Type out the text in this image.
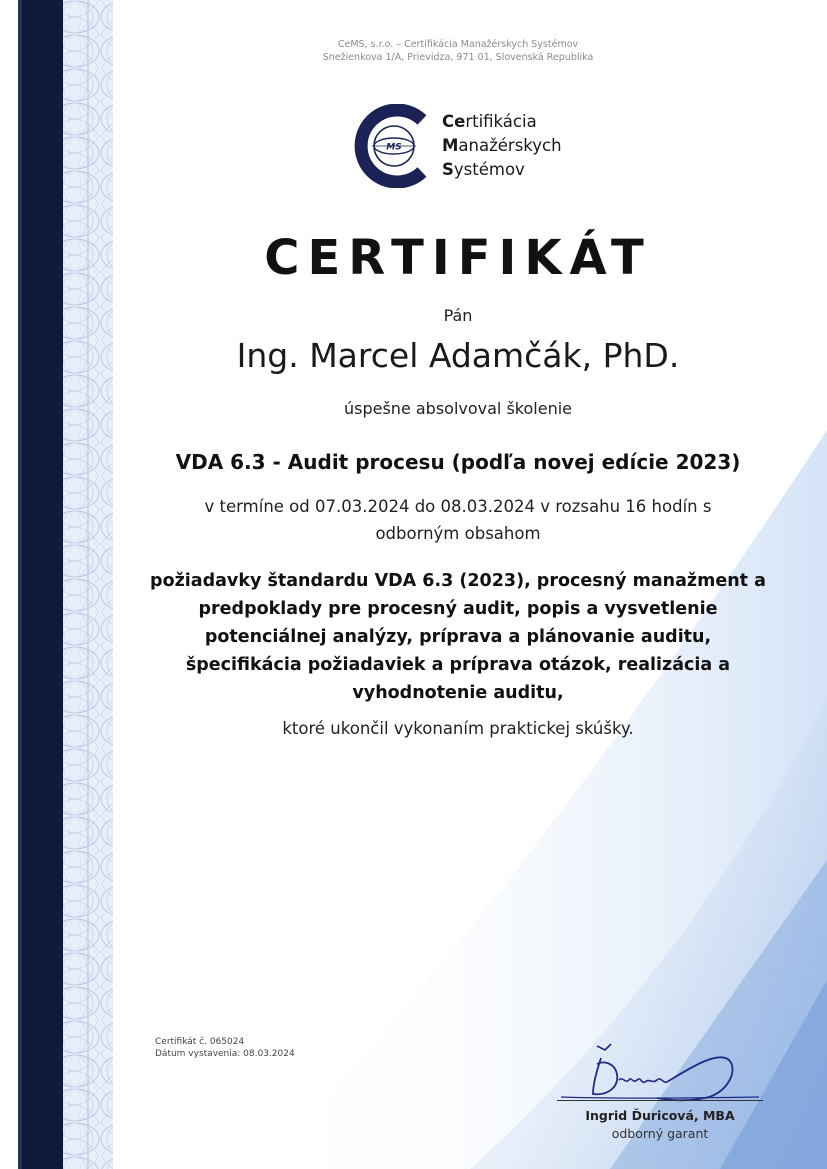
CeMS, s.r.o. – Certifikácia Manažérskych Systémov
Snežienkova 1/A, Prievidza, 971 01, Slovenská Republika
MS
Certifikácia
Manažérskych
Systémov
CERTIFIKÁT
Pán
Ing. Marcel Adamčák, PhD.
úspešne absolvoval školenie
VDA 6.3 - Audit procesu (podľa novej edície 2023)
v termíne od 07.03.2024 do 08.03.2024 v rozsahu 16 hodín s odborným obsahom
požiadavky štandardu VDA 6.3 (2023), procesný manažment a predpoklady pre procesný audit, popis a vysvetlenie potenciálnej analýzy, príprava a plánovanie auditu, špecifikácia požiadaviek a príprava otázok, realizácia a vyhodnotenie auditu,
ktoré ukončil vykonaním praktickej skúšky.
Certifikát č. 065024
Dátum vystavenia: 08.03.2024
Ingrid Ďuricová, MBA
odborný garant
